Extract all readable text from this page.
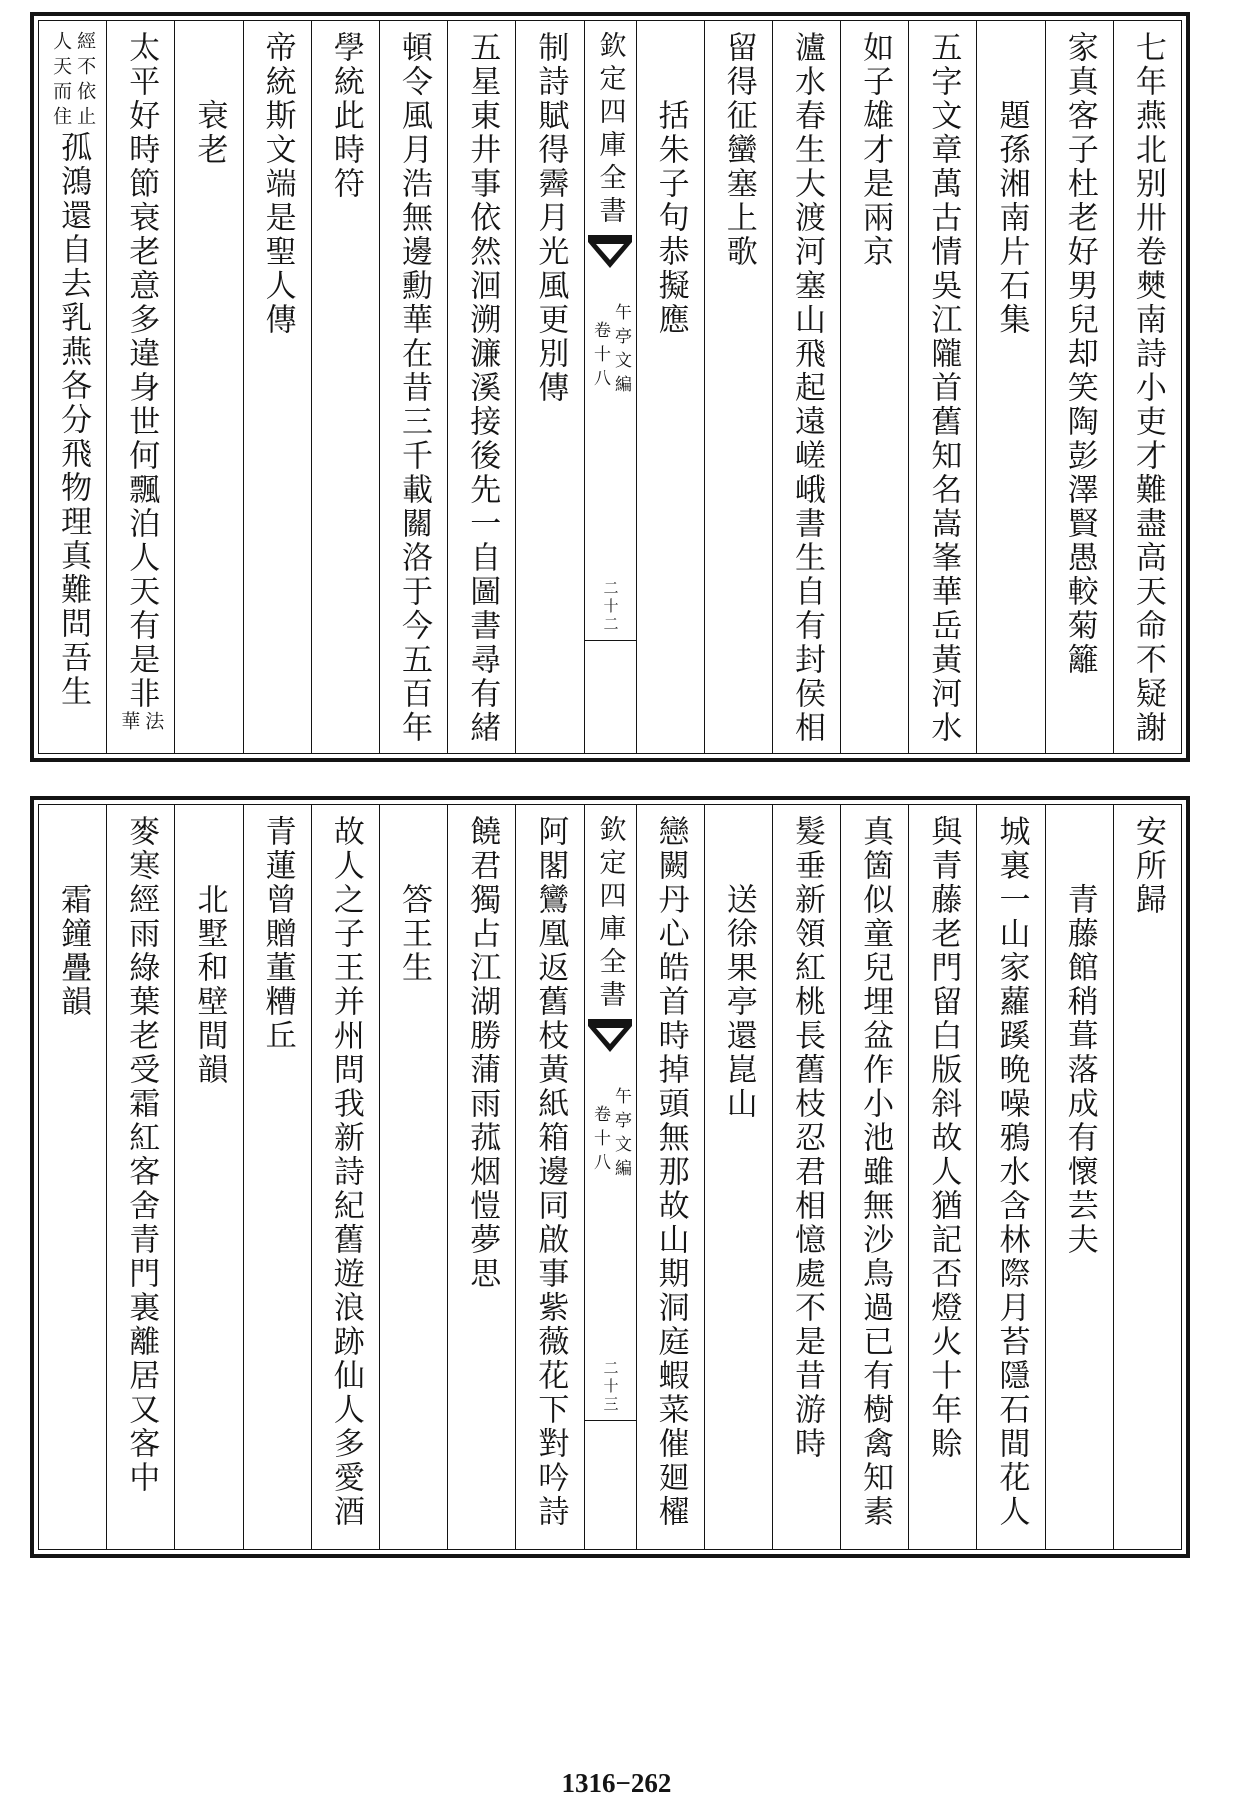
七年燕北别卅卷僰南詩小吏才難盡高天命不疑謝
家真客子杜老好男兒却笑陶彭澤賢愚較菊籬
題孫湘南片石集
五字文章萬古情吳江隴首舊知名嵩峯華岳黃河水
如子雄才是兩京
瀘水春生大渡河塞山飛起遠嵯峨書生自有封侯相
留得征蠻塞上歌
括朱子句恭擬應
欽定四庫全書
午亭文編
卷十八
二十二
制詩賦得霽月光風更別傳
五星東井事依然洄溯濂溪接後先一自圖書尋有緒
頓令風月浩無邊勳華在昔三千載關洛于今五百年
學統此時符
帝統斯文端是聖人傳
衰老
太平好時節衰老意多違身世何飄泊人天有是非
法
華
經不依止
人天而住
孤鴻還自去乳燕各分飛物理真難問吾生
安所歸
青藤館稍葺落成有懷芸夫
城裏一山家蘿蹊晩噪鴉水含林際月苔隱石間花人
與青藤老門留白版斜故人猶記否燈火十年賒
真箇似童兒埋盆作小池雖無沙鳥過已有樹禽知素
髮垂新領紅桃長舊枝忍君相憶處不是昔游時
送徐果亭還崑山
戀闕丹心皓首時掉頭無那故山期洞庭蝦菜催廻櫂
欽定四庫全書
午亭文編
卷十八
二十三
阿閣鸞凰返舊枝黃紙箱邊同啟事紫薇花下對吟詩
饒君獨占江湖勝蒲雨菰烟愷夢思
答王生
故人之子王并州問我新詩紀舊遊浪跡仙人多愛酒
青蓮曾贈董糟丘
北墅和壁間韻
麥寒經雨綠葉老受霜紅客舍青門裏離居又客中
霜鐘疊韻
1316−262
